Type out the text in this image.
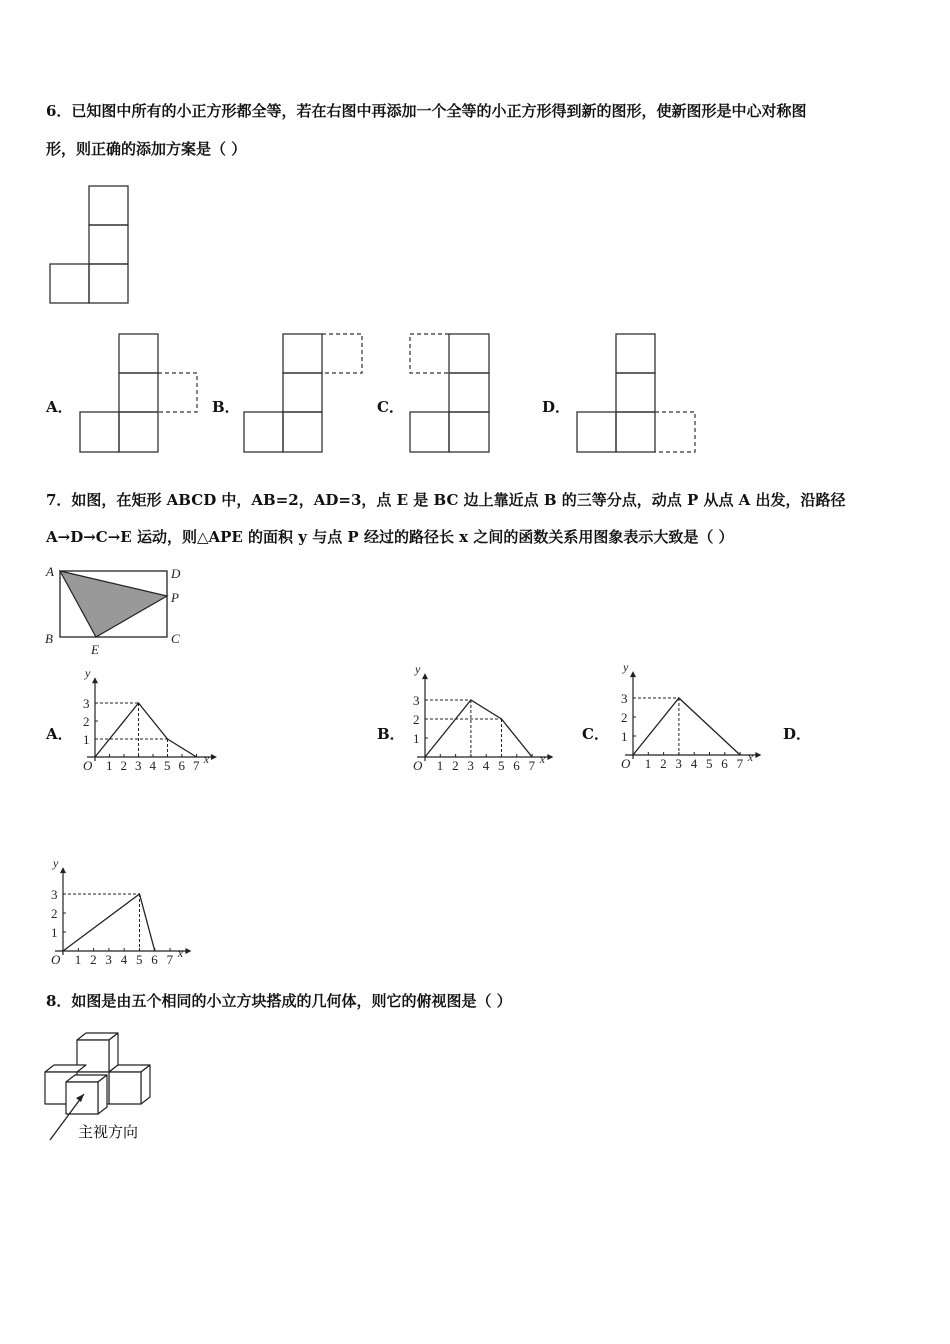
6．已知图中所有的小正方形都全等，若在右图中再添加一个全等的小正方形得到新的图形，使新图形是中心对称图
形，则正确的添加方案是（ ）
A．	B．	C．	D．
7．如图，在矩形 ABCD 中，AB=2，AD=3，点 E 是 BC 边上靠近点 B 的三等分点，动点 P 从点 A 出发，沿路径
A→D→C→E 运动，则△APE 的面积 y 与点 P 经过的路径长 x 之间的函数关系用图象表示大致是（ ）
A	D
P
B	C
E
A．	B．	C．	D．
y
x
O 1 2 3 4 5 6 7
3
2
1
y
x
O 1 2 3 4 5 6 7
3
2
1
y
x
O 1 2 3 4 5 6 7
3
2
1
y
x
O 1 2 3 4 5 6 7
3
2
1
8．如图是由五个相同的小立方块搭成的几何体，则它的俯视图是（ ）
主视方向
